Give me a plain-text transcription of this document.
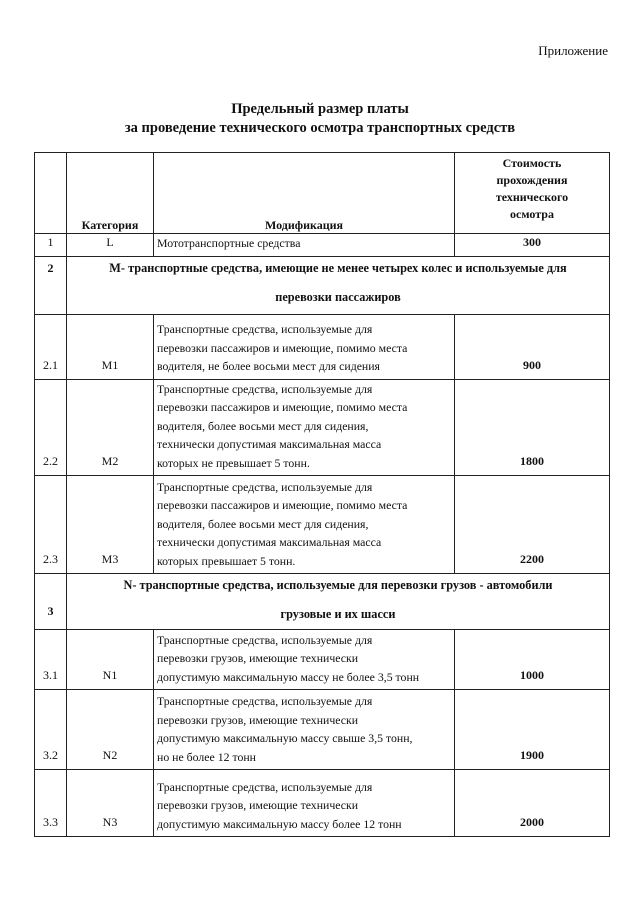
Приложение
Предельный размер платы
за проведение технического осмотра транспортных средств
	Категория	Модификация	Стоимость
прохождения
технического
осмотра

1	L	Мототранспортные средства	300
2	M- транспортные средства, имеющие не менее четырех колес и используемые для
перевозки пассажиров		

2.1	M1	Транспортные средства, используемые для
перевозки пассажиров и имеющие, помимо места
водителя, не более восьми мест для сидения	900
2.2	M2	Транспортные средства, используемые для
перевозки пассажиров и имеющие, помимо места
водителя, более восьми мест для сидения,
технически допустимая максимальная масса
которых не превышает 5 тонн.	1800
2.3	M3	Транспортные средства, используемые для
перевозки пассажиров и имеющие, помимо места
водителя, более восьми мест для сидения,
технически допустимая максимальная масса
которых превышает 5 тонн.	2200
3	N- транспортные средства, используемые для перевозки грузов - автомобили
грузовые и их шасси		

3.1	N1	Транспортные средства, используемые для
перевозки грузов, имеющие технически
допустимую максимальную массу не более 3,5 тонн	1000
3.2	N2	Транспортные средства, используемые для
перевозки грузов, имеющие технически
допустимую максимальную массу свыше 3,5 тонн,
но не более 12 тонн	1900
3.3	N3	Транспортные средства, используемые для
перевозки грузов, имеющие технически
допустимую максимальную массу более 12 тонн	2000
